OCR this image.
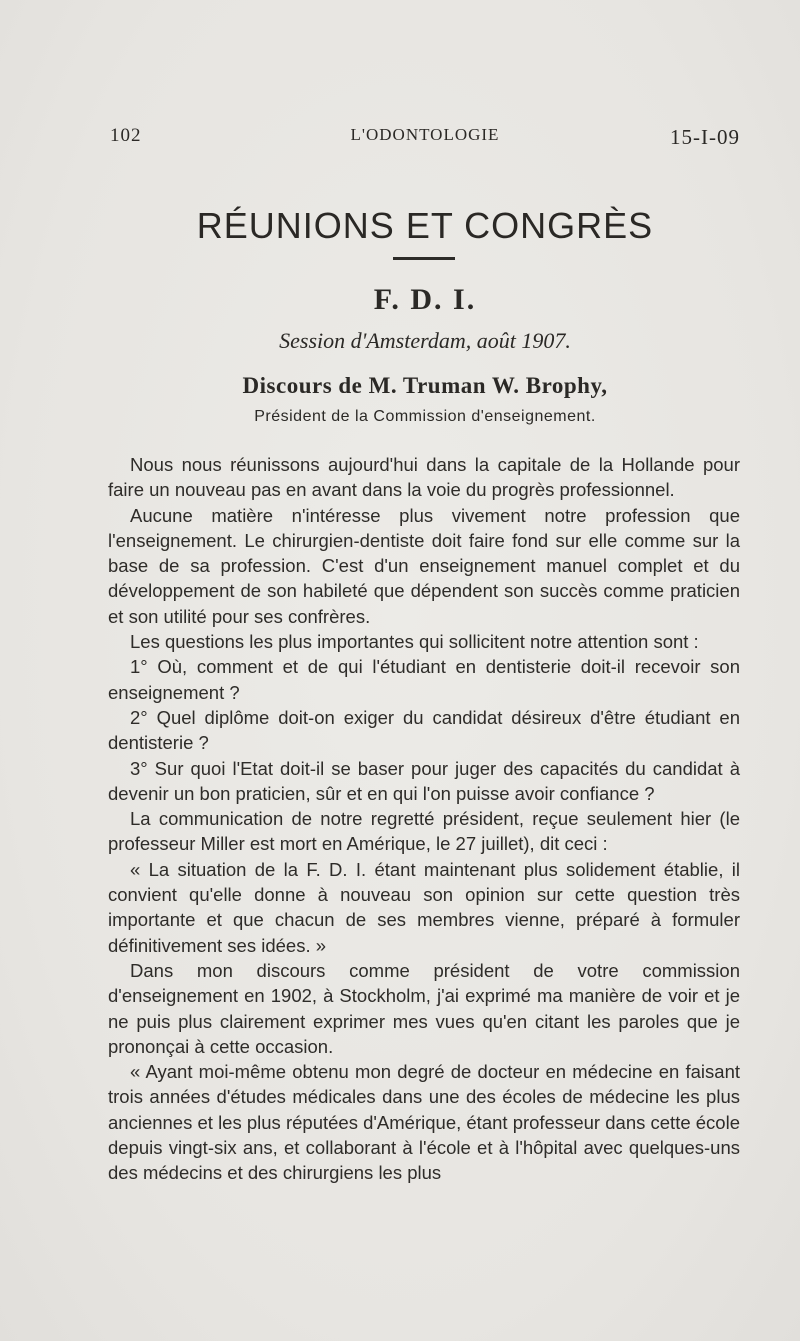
102	L'ODONTOLOGIE	15-I-09
RÉUNIONS ET CONGRÈS
F. D. I.
Session d'Amsterdam, août 1907.
Discours de M. Truman W. Brophy,
Président de la Commission d'enseignement.

Nous nous réunissons aujourd'hui dans la capitale de la Hollande pour faire un nouveau pas en avant dans la voie du progrès professionnel.

Aucune matière n'intéresse plus vivement notre profession que l'enseignement. Le chirurgien-dentiste doit faire fond sur elle comme sur la base de sa profession. C'est d'un enseignement manuel complet et du développement de son habileté que dépendent son succès comme praticien et son utilité pour ses confrères.

Les questions les plus importantes qui sollicitent notre attention sont :

1° Où, comment et de qui l'étudiant en dentisterie doit-il recevoir son enseignement ?

2° Quel diplôme doit-on exiger du candidat désireux d'être étudiant en dentisterie ?

3° Sur quoi l'Etat doit-il se baser pour juger des capacités du candidat à devenir un bon praticien, sûr et en qui l'on puisse avoir confiance ?

La communication de notre regretté président, reçue seulement hier (le professeur Miller est mort en Amérique, le 27 juillet), dit ceci :

« La situation de la F. D. I. étant maintenant plus solidement établie, il convient qu'elle donne à nouveau son opinion sur cette question très importante et que chacun de ses membres vienne, préparé à formuler définitivement ses idées. »

Dans mon discours comme président de votre commission d'enseignement en 1902, à Stockholm, j'ai exprimé ma manière de voir et je ne puis plus clairement exprimer mes vues qu'en citant les paroles que je prononçai à cette occasion.

« Ayant moi-même obtenu mon degré de docteur en médecine en faisant trois années d'études médicales dans une des écoles de médecine les plus anciennes et les plus réputées d'Amérique, étant professeur dans cette école depuis vingt-six ans, et collaborant à l'école et à l'hôpital avec quelques-uns des médecins et des chirurgiens les plus
